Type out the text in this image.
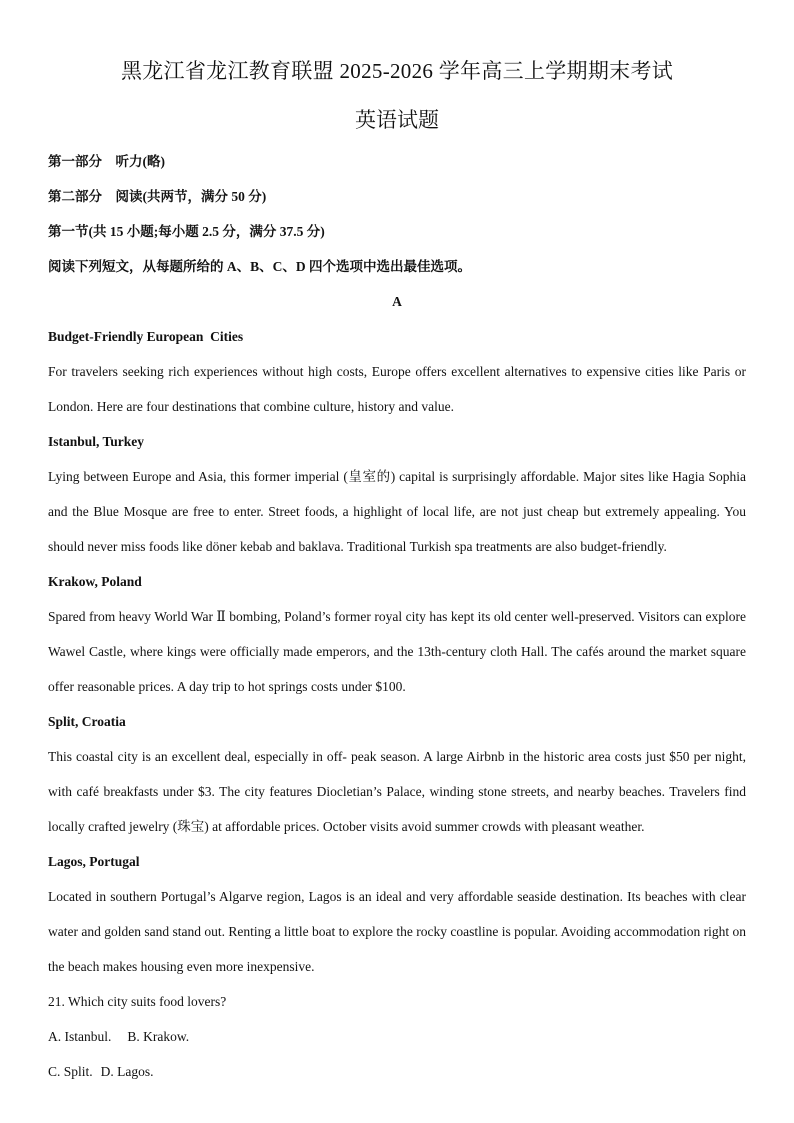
黑龙江省龙江教育联盟 2025-2026 学年高三上学期期末考试
英语试题
第一部分　听力(略)
第二部分　阅读(共两节，满分 50 分)
第一节(共 15 小题;每小题 2.5 分，满分 37.5 分)
阅读下列短文，从每题所给的 A、B、C、D 四个选项中选出最佳选项。
A
Budget-Friendly European  Cities
For travelers seeking rich experiences without high costs, Europe offers excellent alternatives to expensive cities like Paris or London. Here are four destinations that combine culture, history and value.
Istanbul, Turkey
Lying between Europe and Asia, this former imperial (皇室的) capital is surprisingly affordable. Major sites like Hagia Sophia and the Blue Mosque are free to enter. Street foods, a highlight of local life, are not just cheap but extremely appealing. You should never miss foods like döner kebab and baklava. Traditional Turkish spa treatments are also budget-friendly.
Krakow, Poland
Spared from heavy World War Ⅱ bombing, Poland’s former royal city has kept its old center well-preserved. Visitors can explore Wawel Castle, where kings were officially made emperors, and the 13th-century cloth Hall. The cafés around the market square offer reasonable prices. A day trip to hot springs costs under $100.
Split, Croatia
This coastal city is an excellent deal, especially in off- peak season. A large Airbnb in the historic area costs just $50 per night, with café breakfasts under $3. The city features Diocletian’s Palace, winding stone streets, and nearby beaches. Travelers find locally crafted jewelry (珠宝) at affordable prices. October visits avoid summer crowds with pleasant weather.
Lagos, Portugal
Located in southern Portugal’s Algarve region, Lagos is an ideal and very affordable seaside destination. Its beaches with clear water and golden sand stand out. Renting a little boat to explore the rocky coastline is popular. Avoiding accommodation right on the beach makes housing even more inexpensive.
21. Which city suits food lovers?
A. Istanbul. B. Krakow.
C. Split. D. Lagos.
